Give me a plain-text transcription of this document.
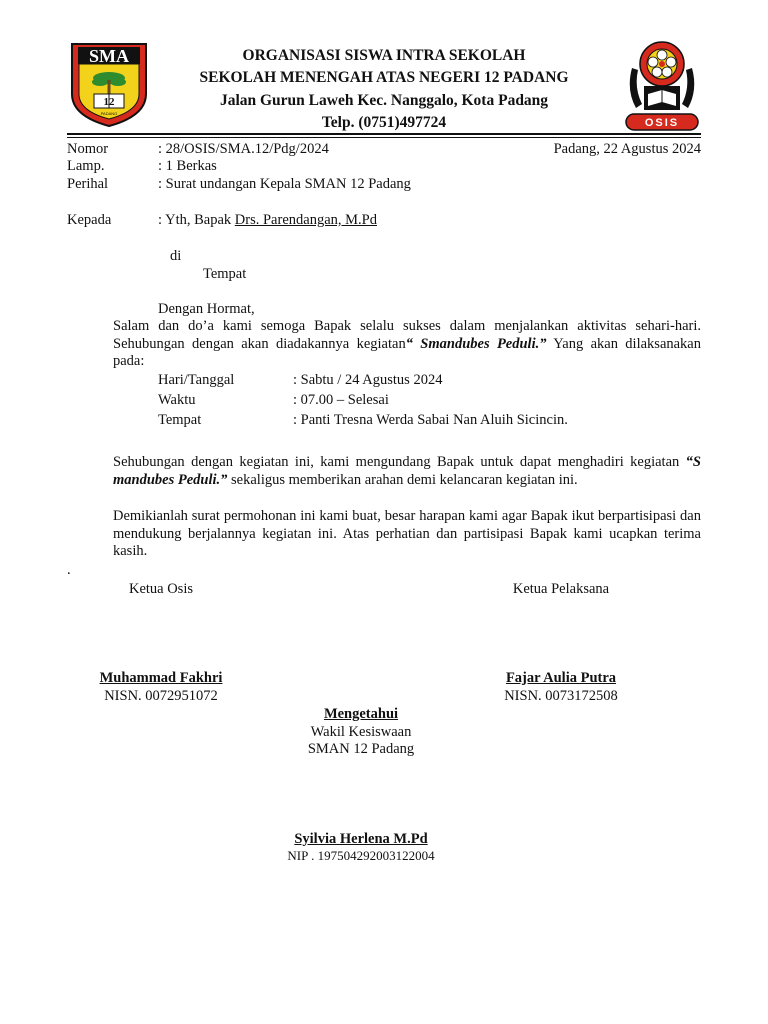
SMA
12
PADANG
OSIS
ORGANISASI SISWA INTRA SEKOLAH
SEKOLAH MENENGAH ATAS NEGERI 12 PADANG
Jalan Gurun Laweh Kec. Nanggalo, Kota Padang
Telp. (0751)497724
Nomor	: 28/OSIS/SMA.12/Pdg/2024	Padang, 22 Agustus 2024
Lamp.	: 1 Berkas
Perihal	: Surat undangan Kepala SMAN 12 Padang
Kepada	: Yth, Bapak Drs. Parendangan, M.Pd
di
Tempat
Dengan Hormat,
Salam dan do’a kami semoga Bapak selalu sukses dalam menjalankan aktivitas sehari-hari. Sehubungan dengan akan diadakannya kegiatan“ Smandubes Peduli.” Yang akan dilaksanakan pada:
Hari/Tanggal	: Sabtu / 24 Agustus 2024
Waktu	: 07.00 – Selesai
Tempat	: Panti Tresna Werda Sabai Nan Aluih Sicincin.
Sehubungan dengan kegiatan ini, kami mengundang Bapak untuk dapat menghadiri kegiatan “S mandubes Peduli.” sekaligus memberikan arahan demi kelancaran kegiatan ini.
Demikianlah surat permohonan ini kami buat, besar harapan kami agar Bapak ikut berpartisipasi dan mendukung berjalannya kegiatan ini. Atas perhatian dan partisipasi Bapak kami ucapkan terima kasih.
.
Ketua Osis	Ketua Pelaksana
Muhammad Fakhri
NISN. 0072951072
Fajar Aulia Putra
NISN. 0073172508
Mengetahui
Wakil Kesiswaan
SMAN 12 Padang
Syilvia Herlena M.Pd
NIP . 197504292003122004
